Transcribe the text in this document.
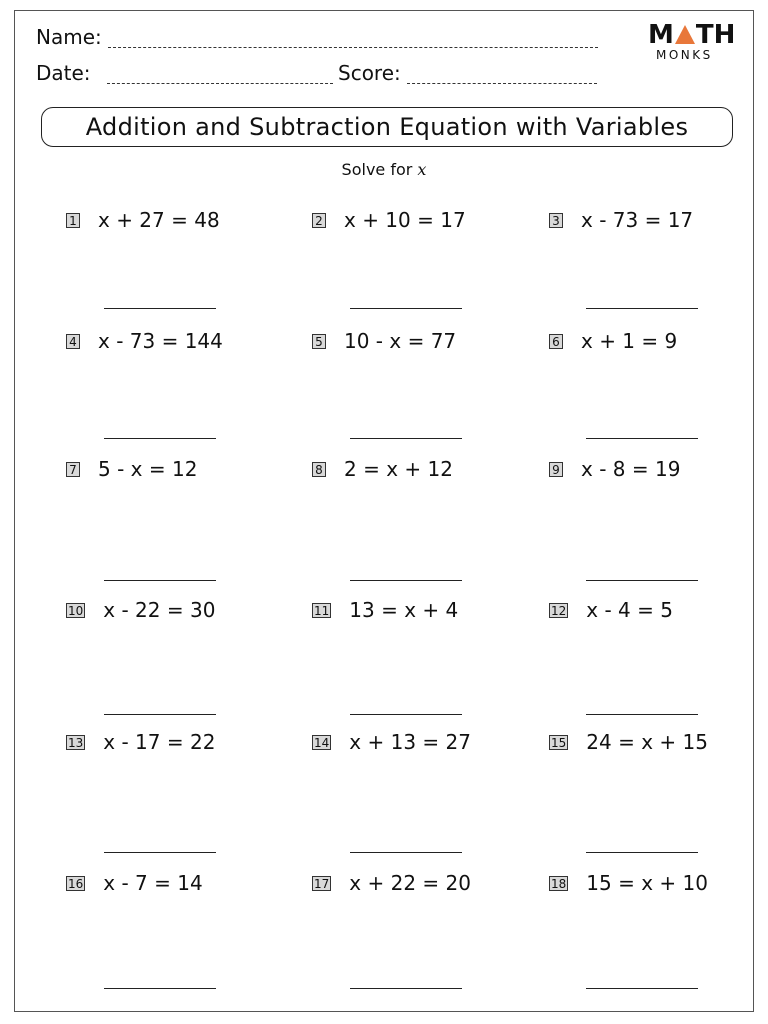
Name:
Date:	Score:
M TH
MONKS
Addition and Subtraction Equation with Variables
Solve for x
1 x + 27 = 48	2 x + 10 = 17	3 x - 73 = 17
4 x - 73 = 144	5 10 - x = 77	6 x + 1 = 9
7 5 - x = 12	8 2 = x + 12	9 x - 8 = 19
10 x - 22 = 30	11 13 = x + 4	12 x - 4 = 5
13 x - 17 = 22	14 x + 13 = 27	15 24 = x + 15
16 x - 7 = 14	17 x + 22 = 20	18 15 = x + 10
